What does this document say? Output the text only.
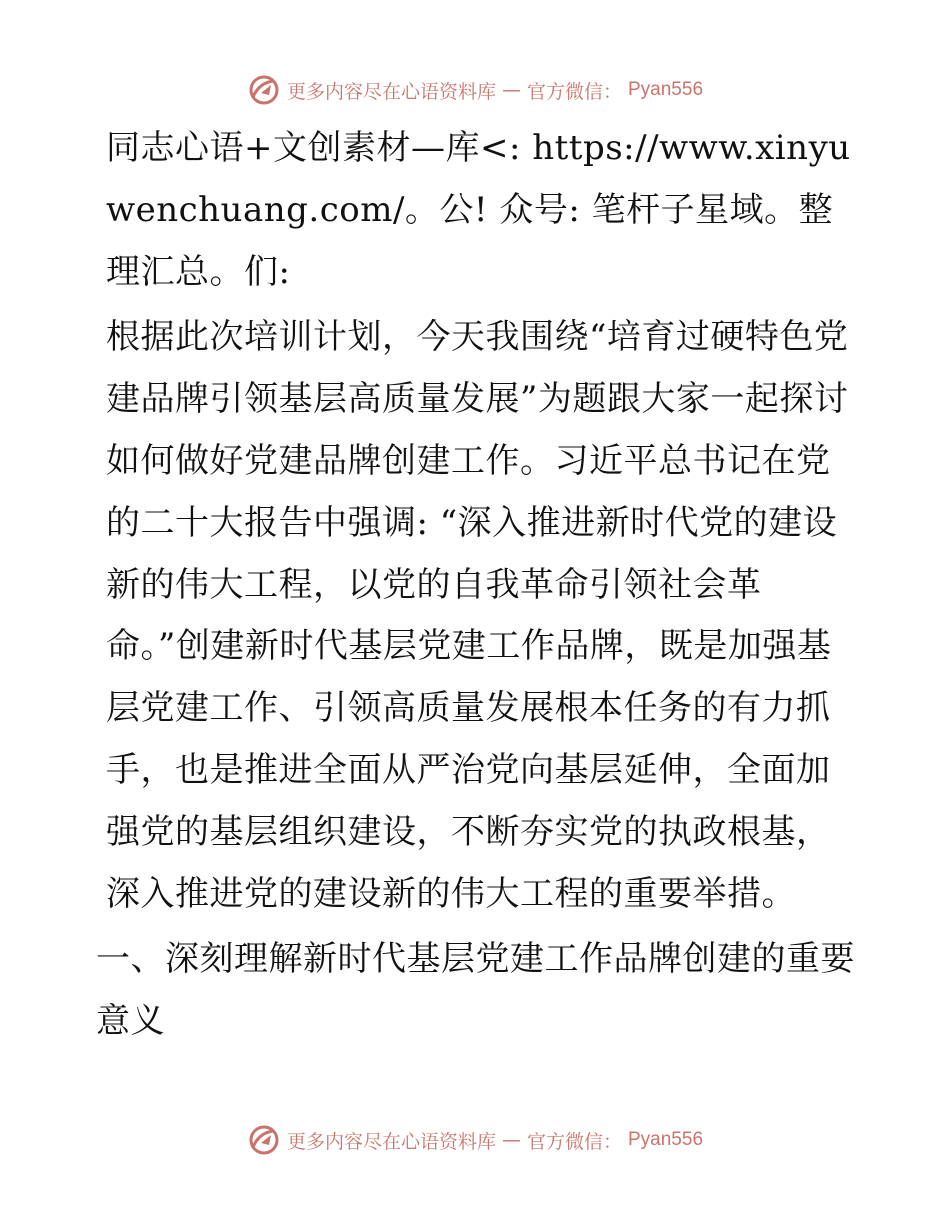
更多内容尽在心语资料库 — 官方微信： Pyan556

同志心语+文创素材—库<: https://www.xinyuwenchuang.com/。公! 众号: 笔杆子星域。整理汇总。们:

根据此次培训计划，今天我围绕“培育过硬特色党建品牌引领基层高质量发展”为题跟大家一起探讨如何做好党建品牌创建工作。习近平总书记在党的二十大报告中强调: “深入推进新时代党的建设新的伟大工程，以党的自我革命引领社会革命。”创建新时代基层党建工作品牌，既是加强基层党建工作、引领高质量发展根本任务的有力抓手，也是推进全面从严治党向基层延伸，全面加强党的基层组织建设，不断夯实党的执政根基，深入推进党的建设新的伟大工程的重要举措。

一、深刻理解新时代基层党建工作品牌创建的重要意义

更多内容尽在心语资料库 — 官方微信： Pyan556
